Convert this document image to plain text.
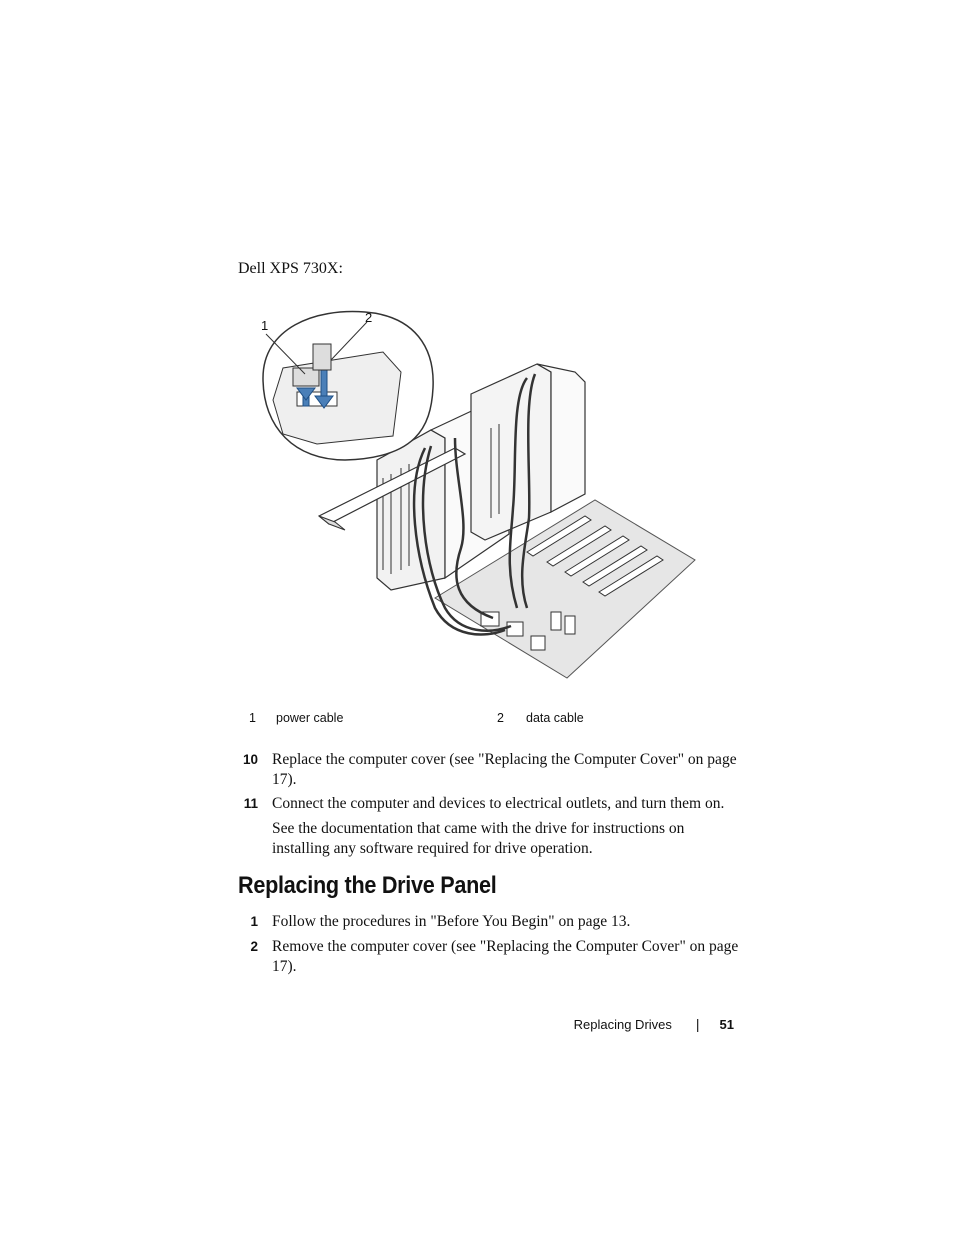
Dell XPS 730X:
1
2
1 power cable	2 data cable
10 Replace the computer cover (see "Replacing the Computer Cover" on page 17).
11 Connect the computer and devices to electrical outlets, and turn them on.
See the documentation that came with the drive for instructions on installing any software required for drive operation.
Replacing the Drive Panel
1 Follow the procedures in "Before You Begin" on page 13.
2 Remove the computer cover (see "Replacing the Computer Cover" on page 17).
Replacing Drives | 51
